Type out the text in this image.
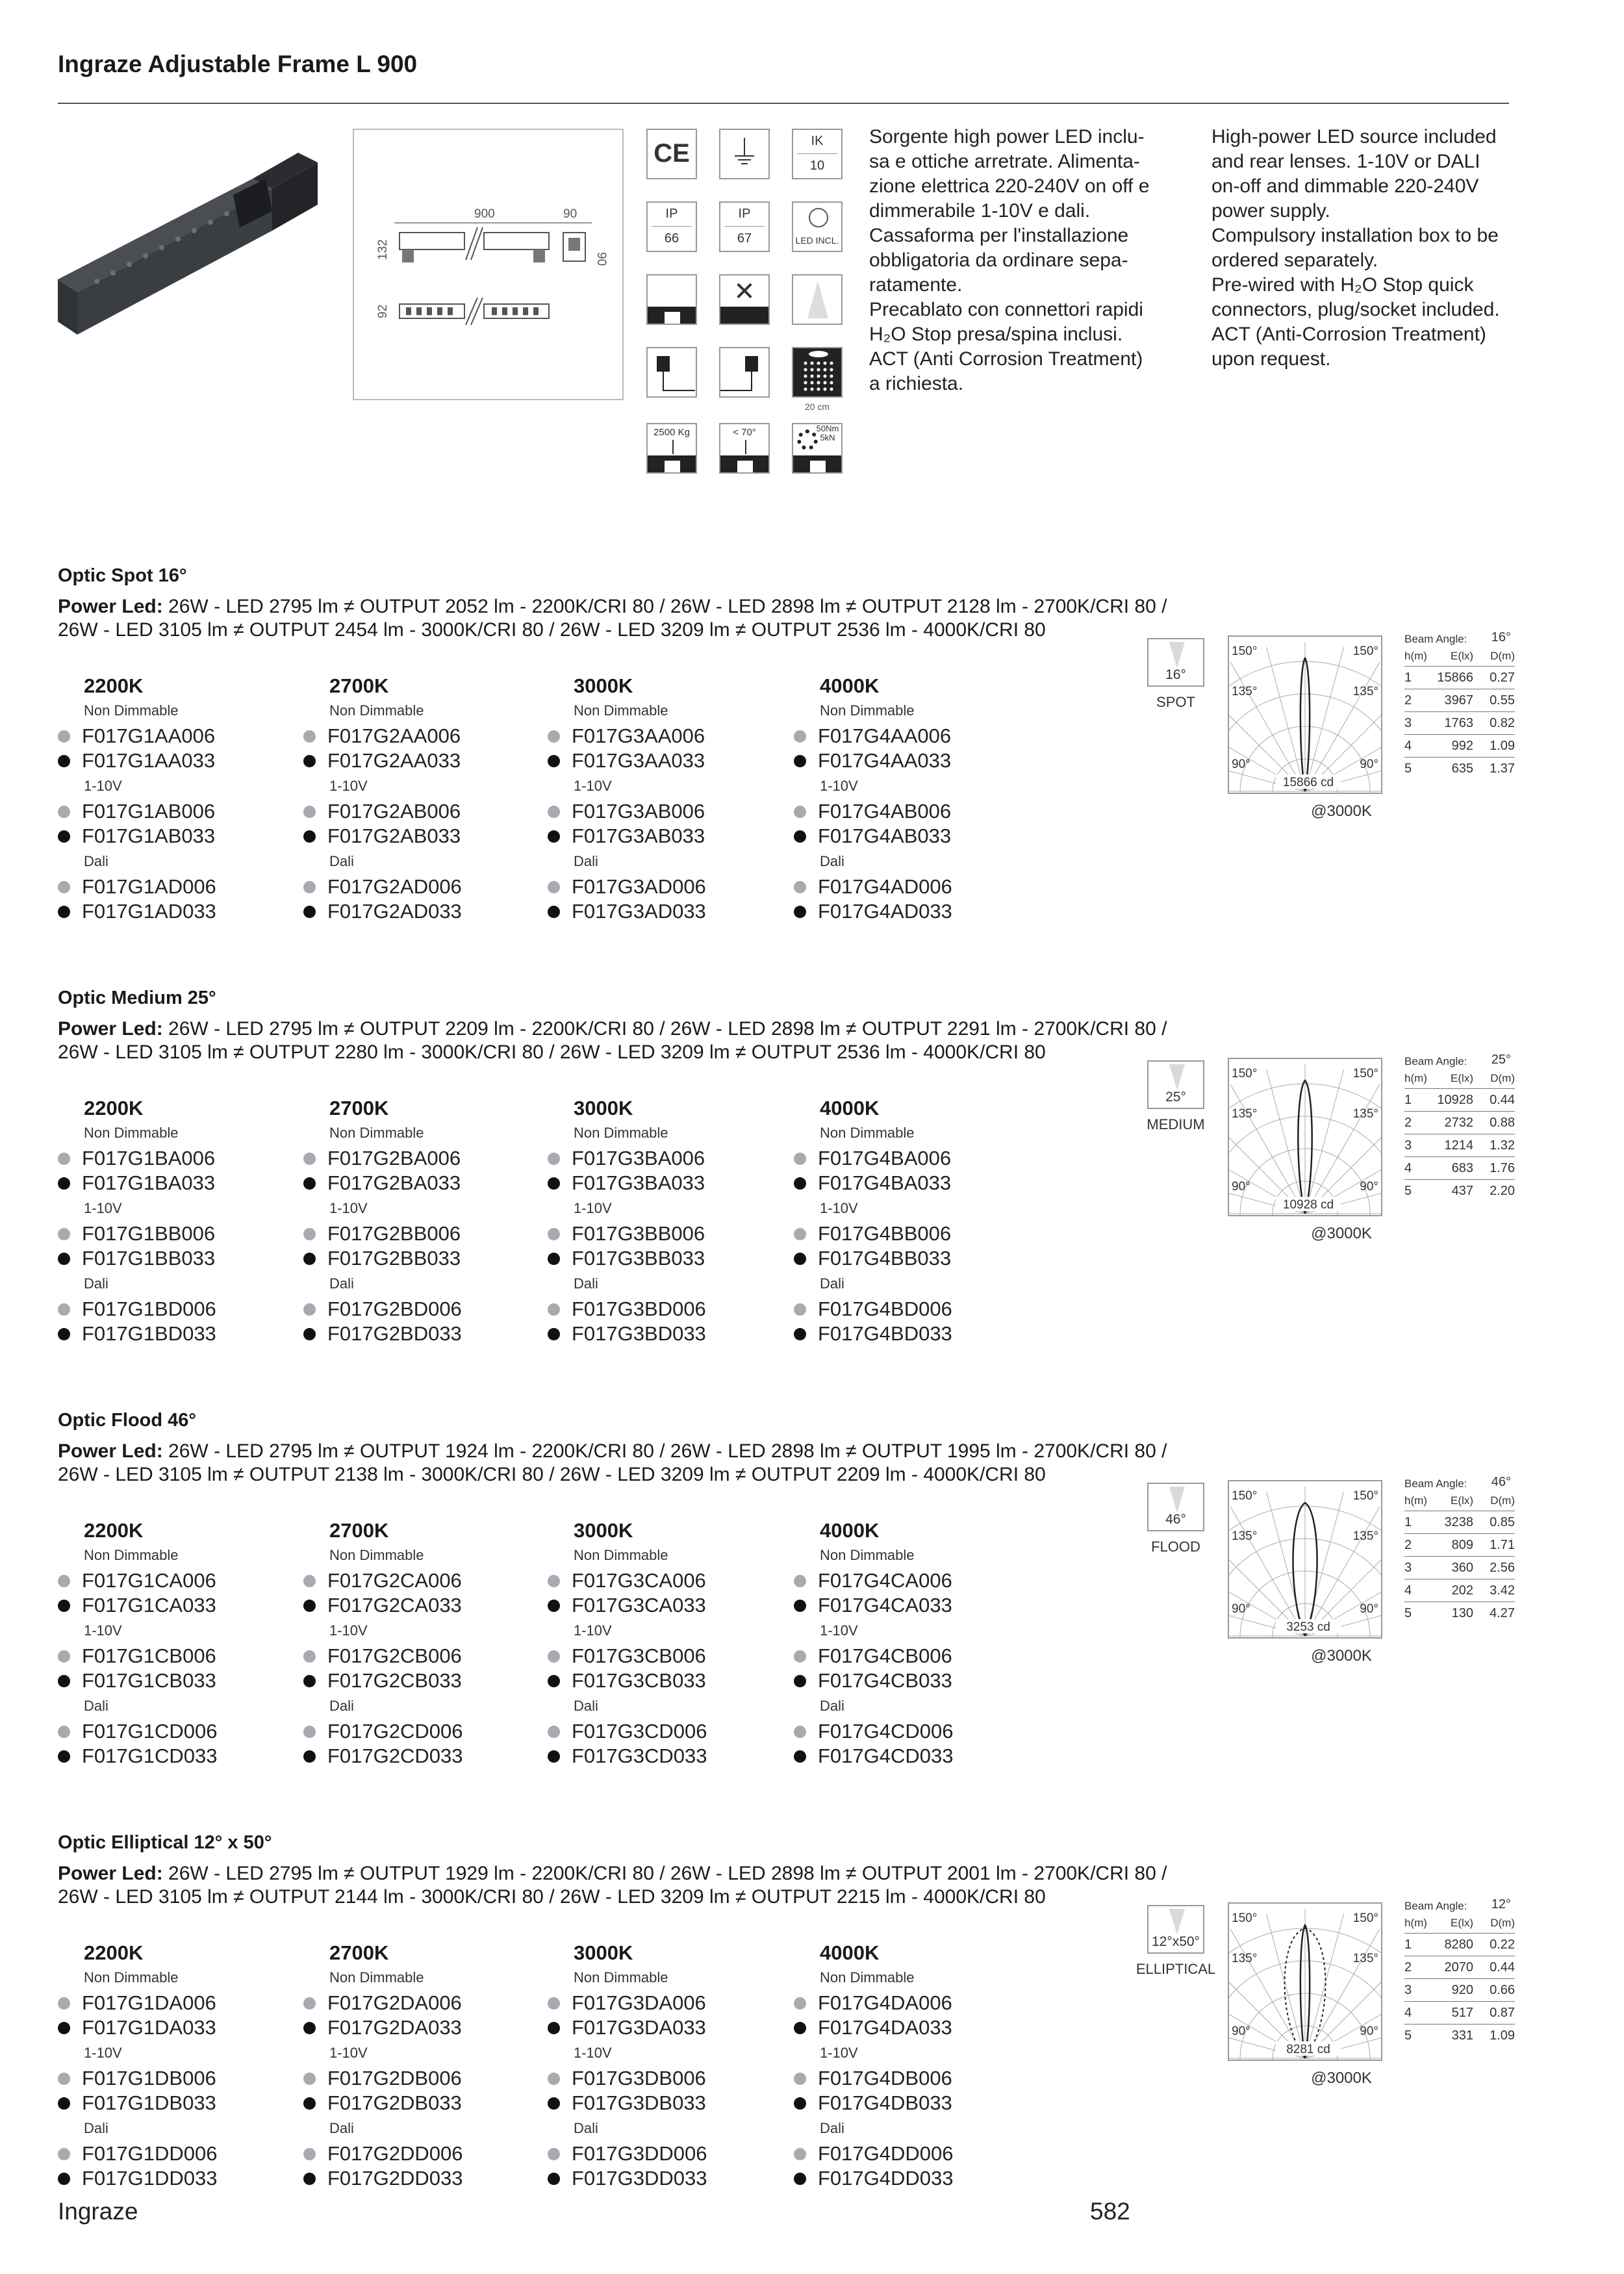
Ingraze Adjustable Frame L 900
900	90
90
132
92
CE	IK
10
IP
66
IP
67	LED INCL.
✕
20 cm
2500 Kg	< 70°	50Nm 5kN
Sorgente high power LED inclu-
sa e ottiche arretrate. Alimenta-
zione elettrica 220-240V on off e
dimmerabile 1-10V e dali.
Cassaforma per l'installazione
obbligatoria da ordinare sepa-
ratamente.
Precablato con connettori rapidi
H₂O Stop presa/spina inclusi.
ACT (Anti Corrosion Treatment)
a richiesta.
High-power LED source included
and rear lenses. 1-10V or DALI
on-off and dimmable 220-240V
power supply.
Compulsory installation box to be
ordered separately.
Pre-wired with H₂O Stop quick
connectors, plug/socket included.
ACT (Anti-Corrosion Treatment)
upon request.
Optic Spot 16°
Power Led: 26W - LED 2795 lm ≠ OUTPUT 2052 lm - 2200K/CRI 80 / 26W - LED 2898 lm ≠ OUTPUT 2128 lm - 2700K/CRI 80 /
26W - LED 3105 lm ≠ OUTPUT 2454 lm - 3000K/CRI 80 / 26W - LED 3209 lm ≠ OUTPUT 2536 lm - 4000K/CRI 80
2200K
Non Dimmable
F017G1AA006
F017G1AA033
1-10V
F017G1AB006
F017G1AB033
Dali
F017G1AD006
F017G1AD033
2700K
Non Dimmable
F017G2AA006
F017G2AA033
1-10V
F017G2AB006
F017G2AB033
Dali
F017G2AD006
F017G2AD033
3000K
Non Dimmable
F017G3AA006
F017G3AA033
1-10V
F017G3AB006
F017G3AB033
Dali
F017G3AD006
F017G3AD033
4000K
Non Dimmable
F017G4AA006
F017G4AA033
1-10V
F017G4AB006
F017G4AB033
Dali
F017G4AD006
F017G4AD033
16°
SPOT
150°	150°
135°	135°
90°	90°
15866 cd
@3000K
Beam Angle: 16°
h(m)	E(lx)	D(m)
1	15866	0.27
2	3967	0.55
3	1763	0.82
4	992	1.09
5	635	1.37
Optic Medium 25°
Power Led: 26W - LED 2795 lm ≠ OUTPUT 2209 lm - 2200K/CRI 80 / 26W - LED 2898 lm ≠ OUTPUT 2291 lm - 2700K/CRI 80 /
26W - LED 3105 lm ≠ OUTPUT 2280 lm - 3000K/CRI 80 / 26W - LED 3209 lm ≠ OUTPUT 2536 lm - 4000K/CRI 80
2200K
Non Dimmable
F017G1BA006
F017G1BA033
1-10V
F017G1BB006
F017G1BB033
Dali
F017G1BD006
F017G1BD033
2700K
Non Dimmable
F017G2BA006
F017G2BA033
1-10V
F017G2BB006
F017G2BB033
Dali
F017G2BD006
F017G2BD033
3000K
Non Dimmable
F017G3BA006
F017G3BA033
1-10V
F017G3BB006
F017G3BB033
Dali
F017G3BD006
F017G3BD033
4000K
Non Dimmable
F017G4BA006
F017G4BA033
1-10V
F017G4BB006
F017G4BB033
Dali
F017G4BD006
F017G4BD033
25°
MEDIUM
150°	150°
135°	135°
90°	90°
10928 cd
@3000K
Beam Angle: 25°
h(m)	E(lx)	D(m)
1	10928	0.44
2	2732	0.88
3	1214	1.32
4	683	1.76
5	437	2.20
Optic Flood 46°
Power Led: 26W - LED 2795 lm ≠ OUTPUT 1924 lm - 2200K/CRI 80 / 26W - LED 2898 lm ≠ OUTPUT 1995 lm - 2700K/CRI 80 /
26W - LED 3105 lm ≠ OUTPUT 2138 lm - 3000K/CRI 80 / 26W - LED 3209 lm ≠ OUTPUT 2209 lm - 4000K/CRI 80
2200K
Non Dimmable
F017G1CA006
F017G1CA033
1-10V
F017G1CB006
F017G1CB033
Dali
F017G1CD006
F017G1CD033
2700K
Non Dimmable
F017G2CA006
F017G2CA033
1-10V
F017G2CB006
F017G2CB033
Dali
F017G2CD006
F017G2CD033
3000K
Non Dimmable
F017G3CA006
F017G3CA033
1-10V
F017G3CB006
F017G3CB033
Dali
F017G3CD006
F017G3CD033
4000K
Non Dimmable
F017G4CA006
F017G4CA033
1-10V
F017G4CB006
F017G4CB033
Dali
F017G4CD006
F017G4CD033
46°
FLOOD
150°	150°
135°	135°
90°	90°
3253 cd
@3000K
Beam Angle: 46°
h(m)	E(lx)	D(m)
1	3238	0.85
2	809	1.71
3	360	2.56
4	202	3.42
5	130	4.27
Optic Elliptical 12° x 50°
Power Led: 26W - LED 2795 lm ≠ OUTPUT 1929 lm - 2200K/CRI 80 / 26W - LED 2898 lm ≠ OUTPUT 2001 lm - 2700K/CRI 80 /
26W - LED 3105 lm ≠ OUTPUT 2144 lm - 3000K/CRI 80 / 26W - LED 3209 lm ≠ OUTPUT 2215 lm - 4000K/CRI 80
2200K
Non Dimmable
F017G1DA006
F017G1DA033
1-10V
F017G1DB006
F017G1DB033
Dali
F017G1DD006
F017G1DD033
2700K
Non Dimmable
F017G2DA006
F017G2DA033
1-10V
F017G2DB006
F017G2DB033
Dali
F017G2DD006
F017G2DD033
3000K
Non Dimmable
F017G3DA006
F017G3DA033
1-10V
F017G3DB006
F017G3DB033
Dali
F017G3DD006
F017G3DD033
4000K
Non Dimmable
F017G4DA006
F017G4DA033
1-10V
F017G4DB006
F017G4DB033
Dali
F017G4DD006
F017G4DD033
12°x50°
ELLIPTICAL
150°	150°
135°	135°
90°	90°
8281 cd
@3000K
Beam Angle: 12°
h(m)	E(lx)	D(m)
1	8280	0.22
2	2070	0.44
3	920	0.66
4	517	0.87
5	331	1.09
Ingraze	582
